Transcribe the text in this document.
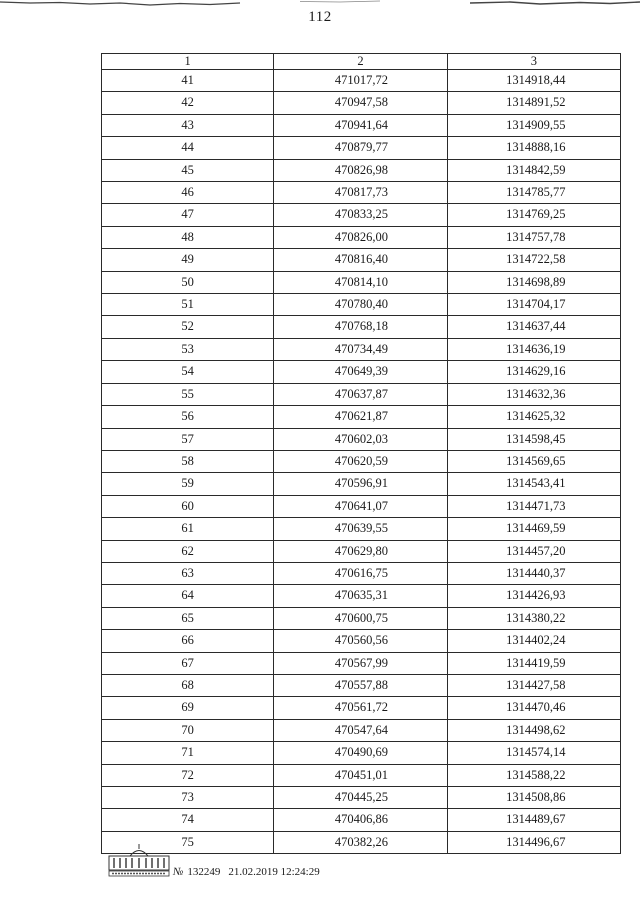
112
1	2	3
41	471017,72	1314918,44
42	470947,58	1314891,52
43	470941,64	1314909,55
44	470879,77	1314888,16
45	470826,98	1314842,59
46	470817,73	1314785,77
47	470833,25	1314769,25
48	470826,00	1314757,78
49	470816,40	1314722,58
50	470814,10	1314698,89
51	470780,40	1314704,17
52	470768,18	1314637,44
53	470734,49	1314636,19
54	470649,39	1314629,16
55	470637,87	1314632,36
56	470621,87	1314625,32
57	470602,03	1314598,45
58	470620,59	1314569,65
59	470596,91	1314543,41
60	470641,07	1314471,73
61	470639,55	1314469,59
62	470629,80	1314457,20
63	470616,75	1314440,37
64	470635,31	1314426,93
65	470600,75	1314380,22
66	470560,56	1314402,24
67	470567,99	1314419,59
68	470557,88	1314427,58
69	470561,72	1314470,46
70	470547,64	1314498,62
71	470490,69	1314574,14
72	470451,01	1314588,22
73	470445,25	1314508,86
74	470406,86	1314489,67
75	470382,26	1314496,67
№ 132249 21.02.2019 12:24:29
